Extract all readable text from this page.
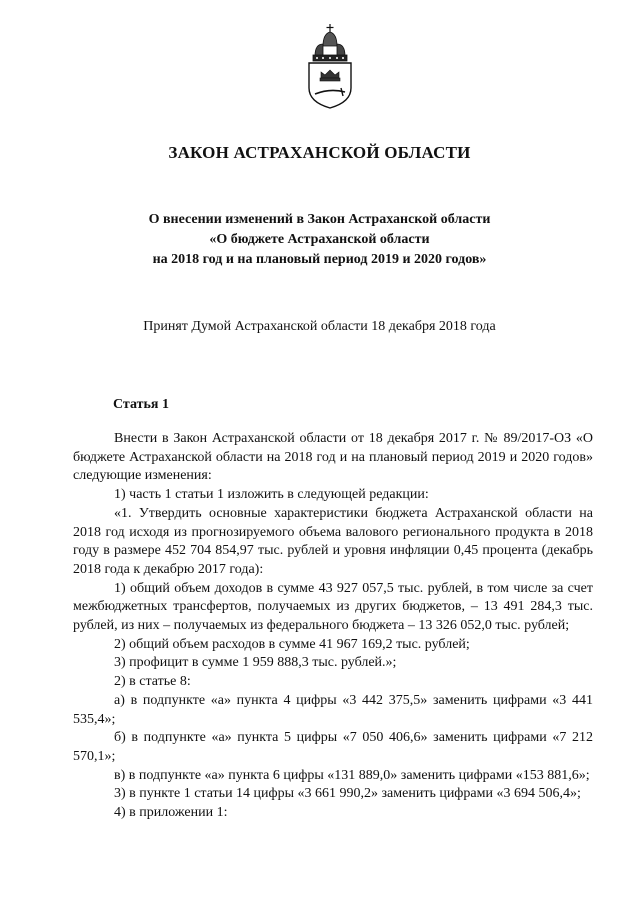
ЗАКОН АСТРАХАНСКОЙ ОБЛАСТИ
О внесении изменений в Закон Астраханской области
«О бюджете Астраханской области
на 2018 год и на плановый период 2019 и 2020 годов»
Принят Думой Астраханской области 18 декабря 2018 года
Статья 1

Внести в Закон Астраханской области от 18 декабря 2017 г. № 89/2017-ОЗ «О бюджете Астраханской области на 2018 год и на плановый период 2019 и 2020 годов» следующие изменения:

1) часть 1 статьи 1 изложить в следующей редакции:

«1. Утвердить основные характеристики бюджета Астраханской области на 2018 год исходя из прогнозируемого объема валового регионального продукта в 2018 году в размере 452 704 854,97 тыс. рублей и уровня инфляции 0,45 процента (декабрь 2018 года к декабрю 2017 года):

1) общий объем доходов в сумме 43 927 057,5 тыс. рублей, в том числе за счет межбюджетных трансфертов, получаемых из других бюджетов, – 13 491 284,3 тыс. рублей, из них – получаемых из федерального бюджета – 13 326 052,0 тыс. рублей;

2) общий объем расходов в сумме 41 967 169,2 тыс. рублей;

3) профицит в сумме 1 959 888,3 тыс. рублей.»;

2) в статье 8:

а) в подпункте «а» пункта 4 цифры «3 442 375,5» заменить цифрами «3 441 535,4»;

б) в подпункте «а» пункта 5 цифры «7 050 406,6» заменить цифрами «7 212 570,1»;

в) в подпункте «а» пункта 6 цифры «131 889,0» заменить цифрами «153 881,6»;

3) в пункте 1 статьи 14 цифры «3 661 990,2» заменить цифрами «3 694 506,4»;

4) в приложении 1:
